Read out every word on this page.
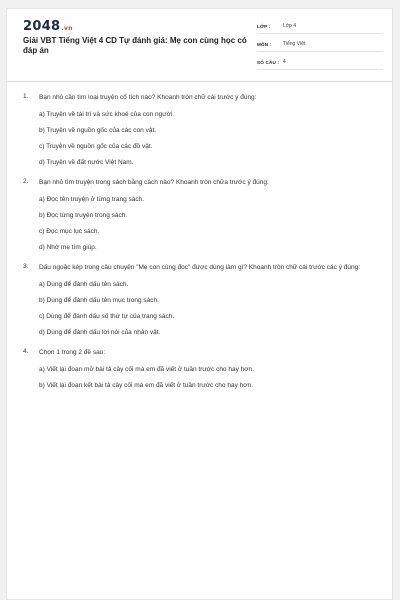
2048.vn
Giải VBT Tiếng Việt 4 CD Tự đánh giá: Mẹ con cùng học có đáp án
LỚP :	Lớp 4
MÔN :	Tiếng Việt
SỐ CÂU : 4
1. Bạn nhỏ cần tìm loại truyện cổ tích nào? Khoanh tròn chữ cái trước ý đúng:
a) Truyện về tài trí và sức khoẻ của con người.
b) Truyện về nguồn gốc của các con vật.
c) Truyện về nguồn gốc của các đồ vật.
d) Truyện về đất nước Việt Nam.
2. Bạn nhỏ tìm truyện trong sách bằng cách nào? Khoanh tròn chữa trước ý đúng:
a) Đọc tên truyện ở từng trang sách.
b) Đọc từng truyện trong sách.
c) Đọc mục lục sách.
d) Nhờ mẹ tìm giúp.
3. Dấu ngoặc kép trong câu chuyện "Mẹ con cùng đọc" được dùng làm gì? Khoanh tròn chữ cái trước các ý đúng:
a) Dùng để đánh dấu tên sách.
b) Dùng để đánh dấu tên mục trong sách.
c) Dùng để đánh dấu số thứ tự của trang sách.
d) Dùng để đánh dấu lời nói của nhân vật.
4. Chọn 1 trong 2 đề sau:
a) Viết lại đoạn mở bài tả cây cối mà em đã viết ở tuần trước cho hay hơn.
b) Viết lại đoạn kết bài tả cây cối mà em đã viết ở tuần trước cho hay hơn.
